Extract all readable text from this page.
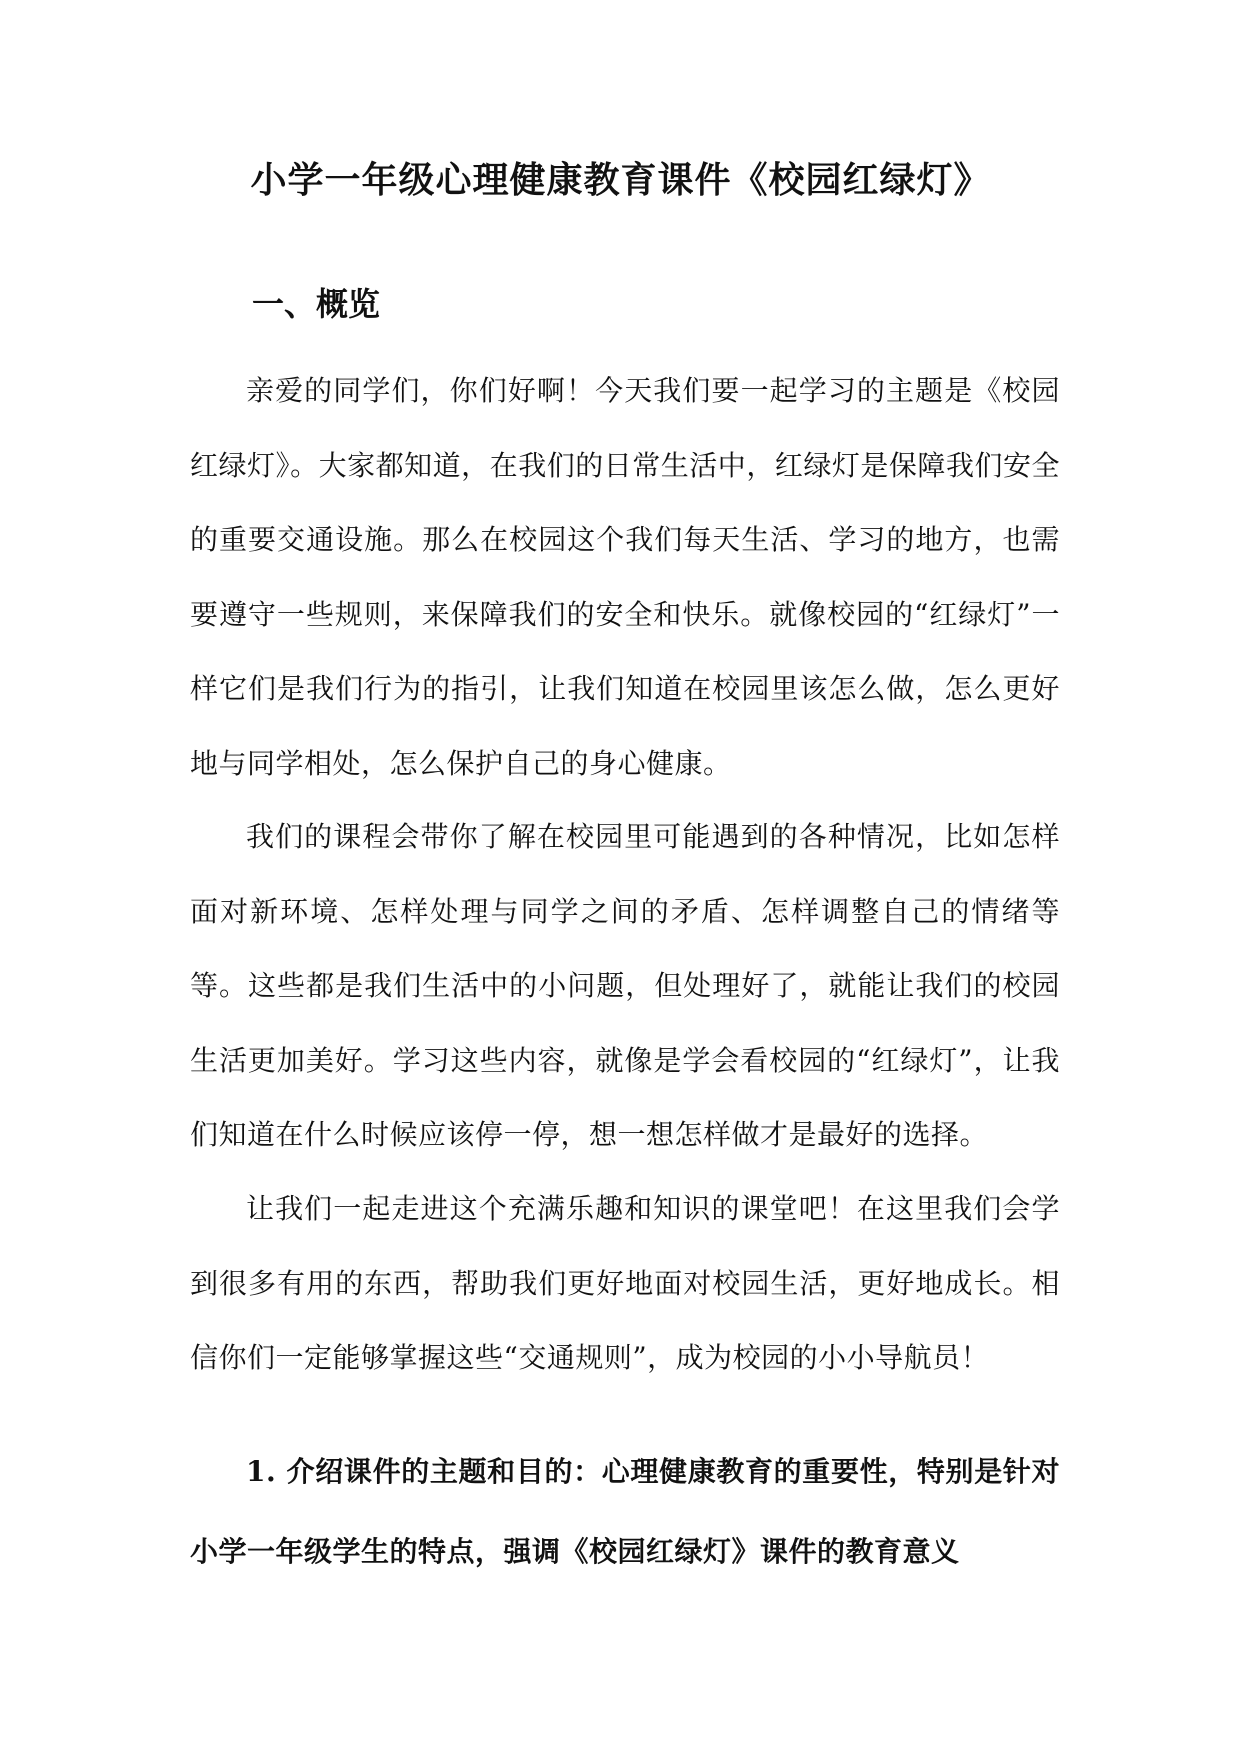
小学一年级心理健康教育课件《校园红绿灯》
一、概览

亲爱的同学们，你们好啊！今天我们要一起学习的主题是《校园红绿灯》。大家都知道，在我们的日常生活中，红绿灯是保障我们安全的重要交通设施。那么在校园这个我们每天生活、学习的地方，也需要遵守一些规则，来保障我们的安全和快乐。就像校园的“红绿灯”一样它们是我们行为的指引，让我们知道在校园里该怎么做，怎么更好地与同学相处，怎么保护自己的身心健康。

我们的课程会带你了解在校园里可能遇到的各种情况，比如怎样面对新环境、怎样处理与同学之间的矛盾、怎样调整自己的情绪等等。这些都是我们生活中的小问题，但处理好了，就能让我们的校园生活更加美好。学习这些内容，就像是学会看校园的“红绿灯”，让我们知道在什么时候应该停一停，想一想怎样做才是最好的选择。

让我们一起走进这个充满乐趣和知识的课堂吧！在这里我们会学到很多有用的东西，帮助我们更好地面对校园生活，更好地成长。相信你们一定能够掌握这些“交通规则”，成为校园的小小导航员！

1. 介绍课件的主题和目的：心理健康教育的重要性，特别是针对小学一年级学生的特点，强调《校园红绿灯》课件的教育意义
